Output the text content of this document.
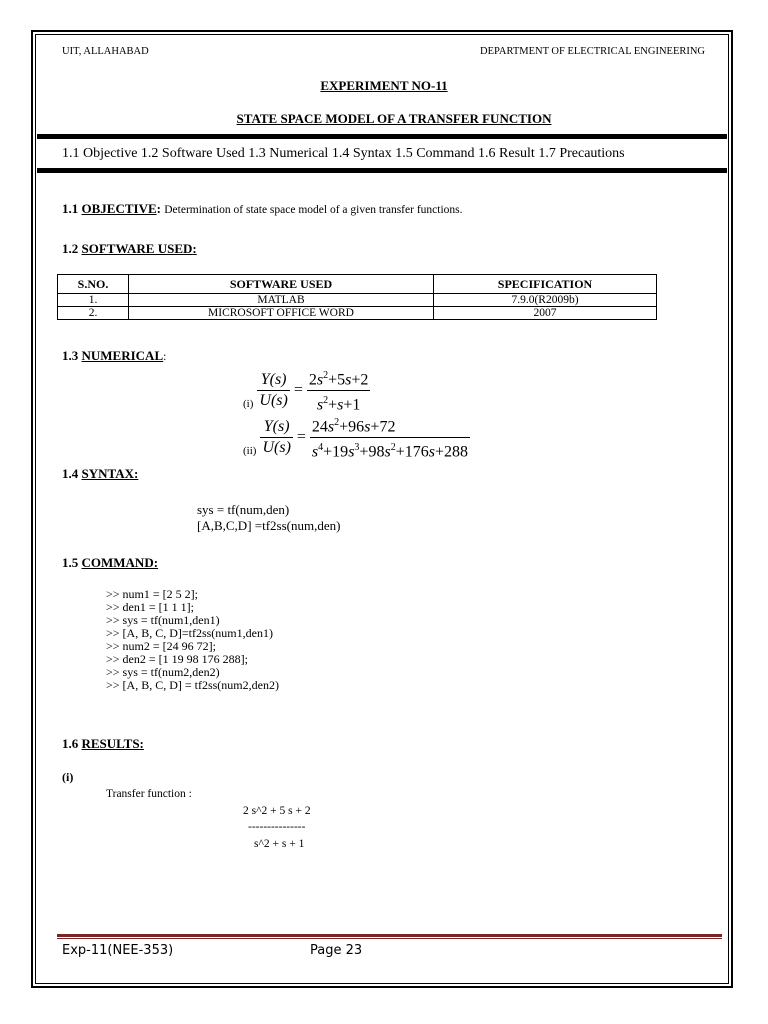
UIT, ALLAHABAD	DEPARTMENT OF ELECTRICAL ENGINEERING
EXPERIMENT NO-11
STATE SPACE MODEL OF A TRANSFER FUNCTION
1.1 Objective 1.2 Software Used 1.3 Numerical 1.4 Syntax 1.5 Command 1.6 Result 1.7 Precautions
1.1 OBJECTIVE: Determination of state space model of a given transfer functions.
1.2 SOFTWARE USED:
S.NO.	SOFTWARE USED	SPECIFICATION
1.	MATLAB	7.9.0(R2009b)
2.	MICROSOFT OFFICE WORD	2007
1.3 NUMERICAL:
$_{(i)} \frac{Y(s)}{U(s)} = \frac{2s^2+5s+2}{s^2+s+1}$
$_{(ii)} \frac{Y(s)}{U(s)} = \frac{24s^2+96s+72}{s^4+19s^3+98s^2+176s+288}$
1.4 SYNTAX:
sys = tf(num,den)
[A,B,C,D] =tf2ss(num,den)
1.5 COMMAND:
>> num1 = [2 5 2];
>> den1 = [1 1 1];
>> sys = tf(num1,den1)
>> [A, B, C, D]=tf2ss(num1,den1)
>> num2 = [24 96 72];
>> den2 = [1 19 98 176 288];
>> sys = tf(num2,den2)
>> [A, B, C, D] = tf2ss(num2,den2)
1.6 RESULTS:
(i)
Transfer function :
2 s^2 + 5 s + 2
---------------
s^2 + s + 1
Exp-11(NEE-353)	Page 23
